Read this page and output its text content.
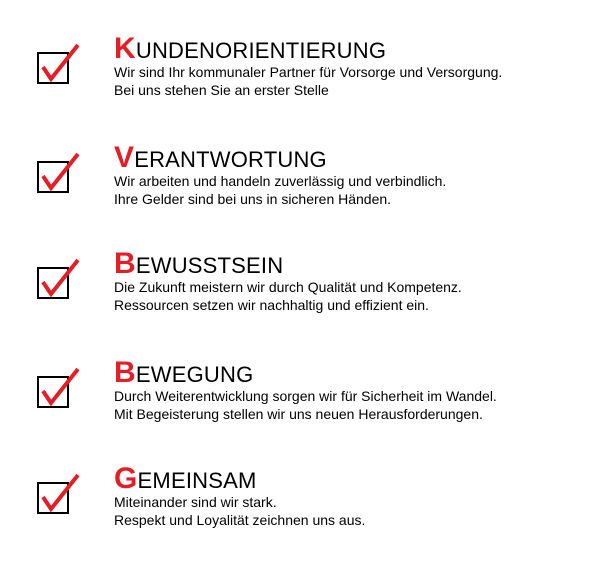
KUNDENORIENTIERUNG

Wir sind Ihr kommunaler Partner für Vorsorge und Versorgung.
Bei uns stehen Sie an erster Stelle

VERANTWORTUNG

Wir arbeiten und handeln zuverlässig und verbindlich.
Ihre Gelder sind bei uns in sicheren Händen.

BEWUSSTSEIN

Die Zukunft meistern wir durch Qualität und Kompetenz.
Ressourcen setzen wir nachhaltig und effizient ein.

BEWEGUNG

Durch Weiterentwicklung sorgen wir für Sicherheit im Wandel.
Mit Begeisterung stellen wir uns neuen Herausforderungen.

GEMEINSAM

Miteinander sind wir stark.
Respekt und Loyalität zeichnen uns aus.
